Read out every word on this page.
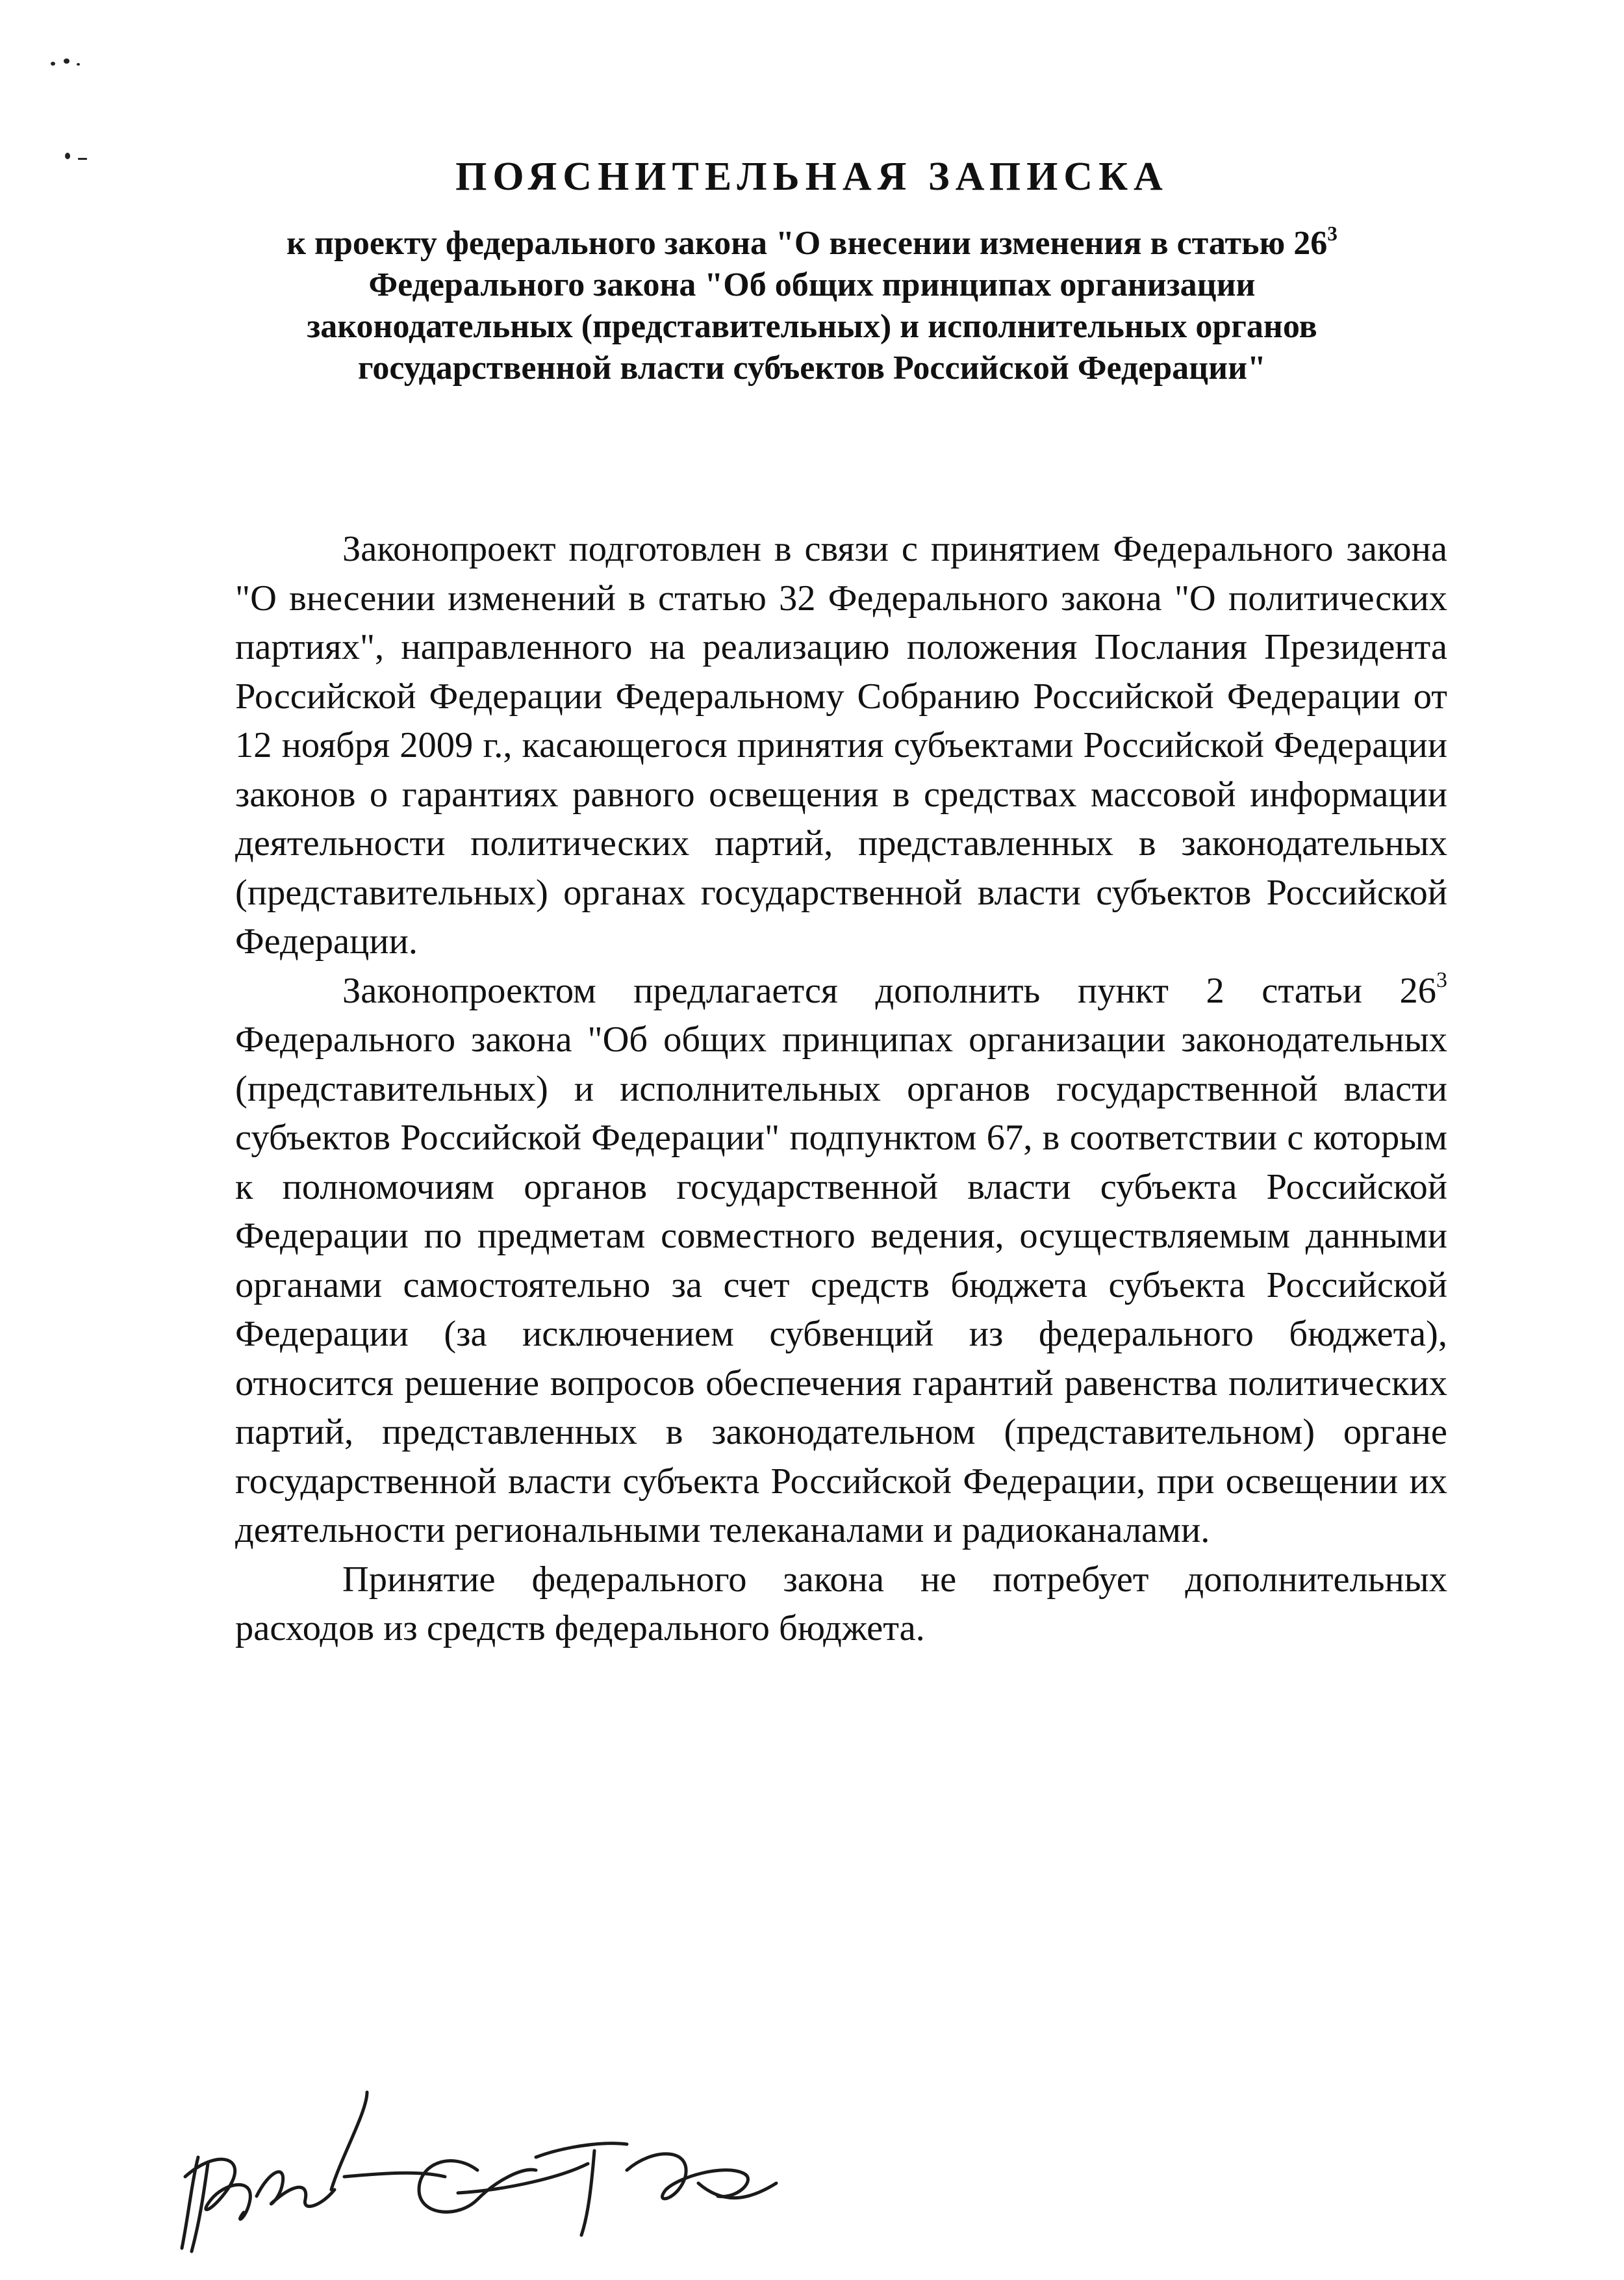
ПОЯСНИТЕЛЬНАЯ ЗАПИСКА

к проекту федерального закона "О внесении изменения в статью $26^3$ Федерального закона "Об общих принципах организации законодательных (представительных) и исполнительных органов государственной власти субъектов Российской Федерации"

Законопроект подготовлен в связи с принятием Федерального закона "О внесении изменений в статью 32 Федерального закона "О политических партиях", направленного на реализацию положения Послания Президента Российской Федерации Федеральному Собранию Российской Федерации от 12 ноября 2009 г., касающегося принятия субъектами Российской Федерации законов о гарантиях равного освещения в средствах массовой информации деятельности политических партий, представленных в законодательных (представительных) органах государственной власти субъектов Российской Федерации.

Законопроектом предлагается дополнить пункт 2 статьи $26^3$ Федерального закона "Об общих принципах организации законодательных (представительных) и исполнительных органов государственной власти субъектов Российской Федерации" подпунктом 67, в соответствии с которым к полномочиям органов государственной власти субъекта Российской Федерации по предметам совместного ведения, осуществляемым данными органами самостоятельно за счет средств бюджета субъекта Российской Федерации (за исключением субвенций из федерального бюджета), относится решение вопросов обеспечения гарантий равенства политических партий, представленных в законодательном (представительном) органе государственной власти субъекта Российской Федерации, при освещении их деятельности региональными телеканалами и радиоканалами.

Принятие федерального закона не потребует дополнительных расходов из средств федерального бюджета.
